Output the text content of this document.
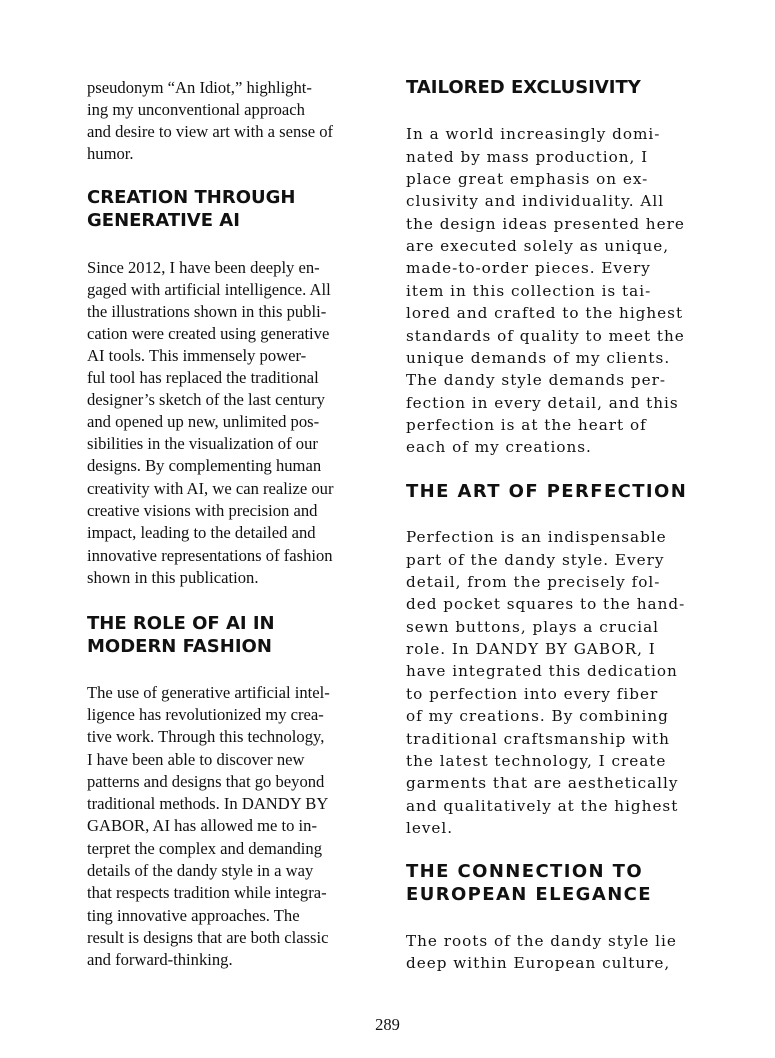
pseudonym “An Idiot,” highlight-
ing my unconventional approach
and desire to view art with a sense of
humor.
CREATION THROUGH
GENERATIVE AI
Since 2012, I have been deeply en-
gaged with artificial intelligence. All
the illustrations shown in this publi-
cation were created using generative
AI tools. This immensely power-
ful tool has replaced the traditional
designer’s sketch of the last century
and opened up new, unlimited pos-
sibilities in the visualization of our
designs. By complementing human
creativity with AI, we can realize our
creative visions with precision and
impact, leading to the detailed and
innovative representations of fashion
shown in this publication.
THE ROLE OF AI IN
MODERN FASHION
The use of generative artificial intel-
ligence has revolutionized my crea-
tive work. Through this technology,
I have been able to discover new
patterns and designs that go beyond
traditional methods. In DANDY BY
GABOR, AI has allowed me to in-
terpret the complex and demanding
details of the dandy style in a way
that respects tradition while integra-
ting innovative approaches. The
result is designs that are both classic
and forward-thinking.
TAILORED EXCLUSIVITY
In a world increasingly domi-
nated by mass production, I
place great emphasis on ex-
clusivity and individuality. All
the design ideas presented here
are executed solely as unique,
made-to-order pieces. Every
item in this collection is tai-
lored and crafted to the highest
standards of quality to meet the
unique demands of my clients.
The dandy style demands per-
fection in every detail, and this
perfection is at the heart of
each of my creations.
THE ART OF PERFECTION
Perfection is an indispensable
part of the dandy style. Every
detail, from the precisely fol-
ded pocket squares to the hand-
sewn buttons, plays a crucial
role. In DANDY BY GABOR, I
have integrated this dedication
to perfection into every fiber
of my creations. By combining
traditional craftsmanship with
the latest technology, I create
garments that are aesthetically
and qualitatively at the highest
level.
THE CONNECTION TO
EUROPEAN ELEGANCE
The roots of the dandy style lie
deep within European culture,
289
